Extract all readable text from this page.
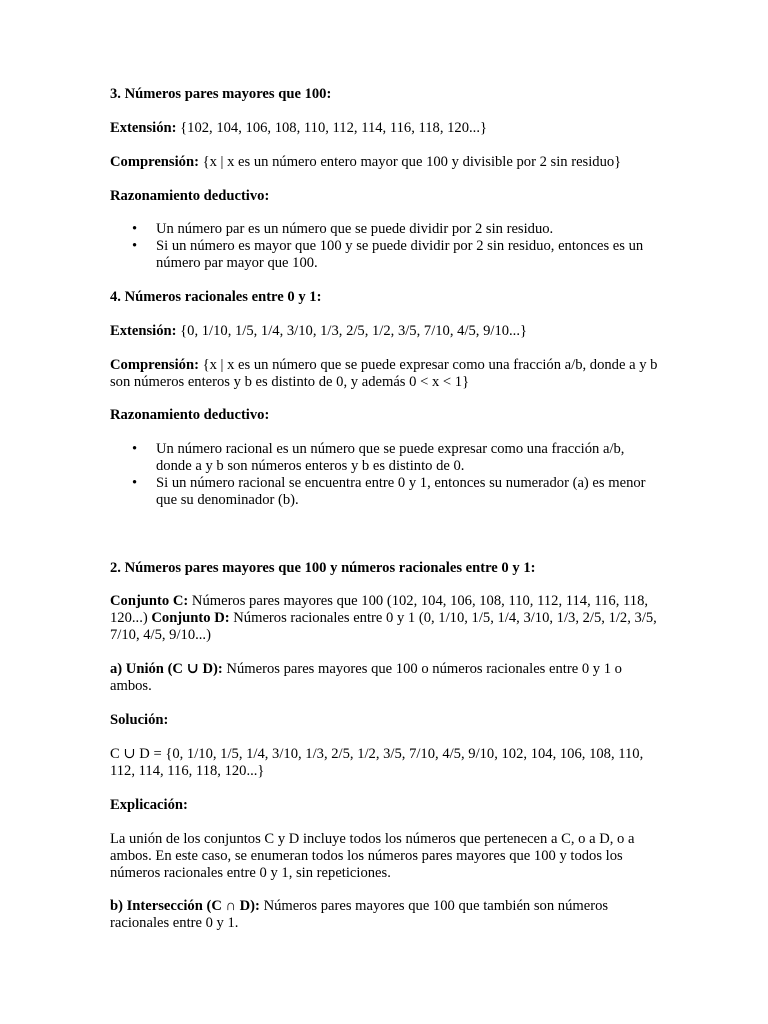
3. Números pares mayores que 100:

Extensión: {102, 104, 106, 108, 110, 112, 114, 116, 118, 120...}

Comprensión: {x | x es un número entero mayor que 100 y divisible por 2 sin residuo}

Razonamiento deductivo:

• Un número par es un número que se puede dividir por 2 sin residuo.
• Si un número es mayor que 100 y se puede dividir por 2 sin residuo, entonces es un número par mayor que 100.

4. Números racionales entre 0 y 1:

Extensión: {0, 1/10, 1/5, 1/4, 3/10, 1/3, 2/5, 1/2, 3/5, 7/10, 4/5, 9/10...}

Comprensión: {x | x es un número que se puede expresar como una fracción a/b, donde a y b son números enteros y b es distinto de 0, y además 0 < x < 1}

Razonamiento deductivo:

• Un número racional es un número que se puede expresar como una fracción a/b, donde a y b son números enteros y b es distinto de 0.
• Si un número racional se encuentra entre 0 y 1, entonces su numerador (a) es menor que su denominador (b).

2. Números pares mayores que 100 y números racionales entre 0 y 1:

Conjunto C: Números pares mayores que 100 (102, 104, 106, 108, 110, 112, 114, 116, 118, 120...) Conjunto D: Números racionales entre 0 y 1 (0, 1/10, 1/5, 1/4, 3/10, 1/3, 2/5, 1/2, 3/5, 7/10, 4/5, 9/10...)

a) Unión (C ∪ D): Números pares mayores que 100 o números racionales entre 0 y 1 o ambos.

Solución:

C ∪ D = {0, 1/10, 1/5, 1/4, 3/10, 1/3, 2/5, 1/2, 3/5, 7/10, 4/5, 9/10, 102, 104, 106, 108, 110, 112, 114, 116, 118, 120...}

Explicación:

La unión de los conjuntos C y D incluye todos los números que pertenecen a C, o a D, o a ambos. En este caso, se enumeran todos los números pares mayores que 100 y todos los números racionales entre 0 y 1, sin repeticiones.

b) Intersección (C ∩ D): Números pares mayores que 100 que también son números racionales entre 0 y 1.
